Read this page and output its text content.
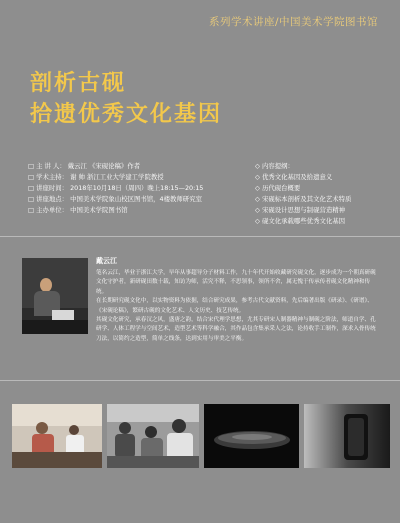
系列学术讲座/中国美术学院图书馆
剖析古砚
拾遗优秀文化基因
□ 主 讲 人： 戴云江 《宋砚论稿》作者
□ 学术主持： 谢 帅 浙江工业大学建工学院教授
□ 讲座时间： 2018年10月18日（周四）晚上18:15—20:15
□ 讲座地点： 中国美术学院象山校区图书馆，4楼教师研究室
□ 主办单位： 中国美术学院图书馆
◇ 内容提纲：
◇ 优秀文化基因及拾遗意义
◇ 历代砚台概要
◇ 宋砚标本剖析及其文化艺术特质
◇ 宋砚设计思想与制砚营造精神
◇ 砚文化承载哪些优秀文化基因
戴云江

笔名云江，毕业于浙江大学，早年从事超导分子材料工作，九十年代开始收藏研究砚文化，逐步成为一个朝真研砚文化守护者，新研砚田数十载，知访为师，活究不释，不思领事，领所不舍，属无愧于传承传者砚文化精神和传统。

在长期研究砚文化中，以实物资料为依据，结合研究成果，参考古代文献资料，先后编著出版《研录》、《研谱》、《宋砚论稿》，繁研古砚的文化艺术、人文历史、技艺传统。

其砚文化研究，承春汉之风，盛唐之韵，结合宋代理学思想，尤其专研宋人制器精神与制砚之阶法，师道自学、孔研学、人体工程学与空间艺术，造型艺术等科学融合，其作品包含集承采人之法，论持收手工制作，深求入骨传统刀法，以简约之造型，简单之线条，达到实用与审美之平衡。
